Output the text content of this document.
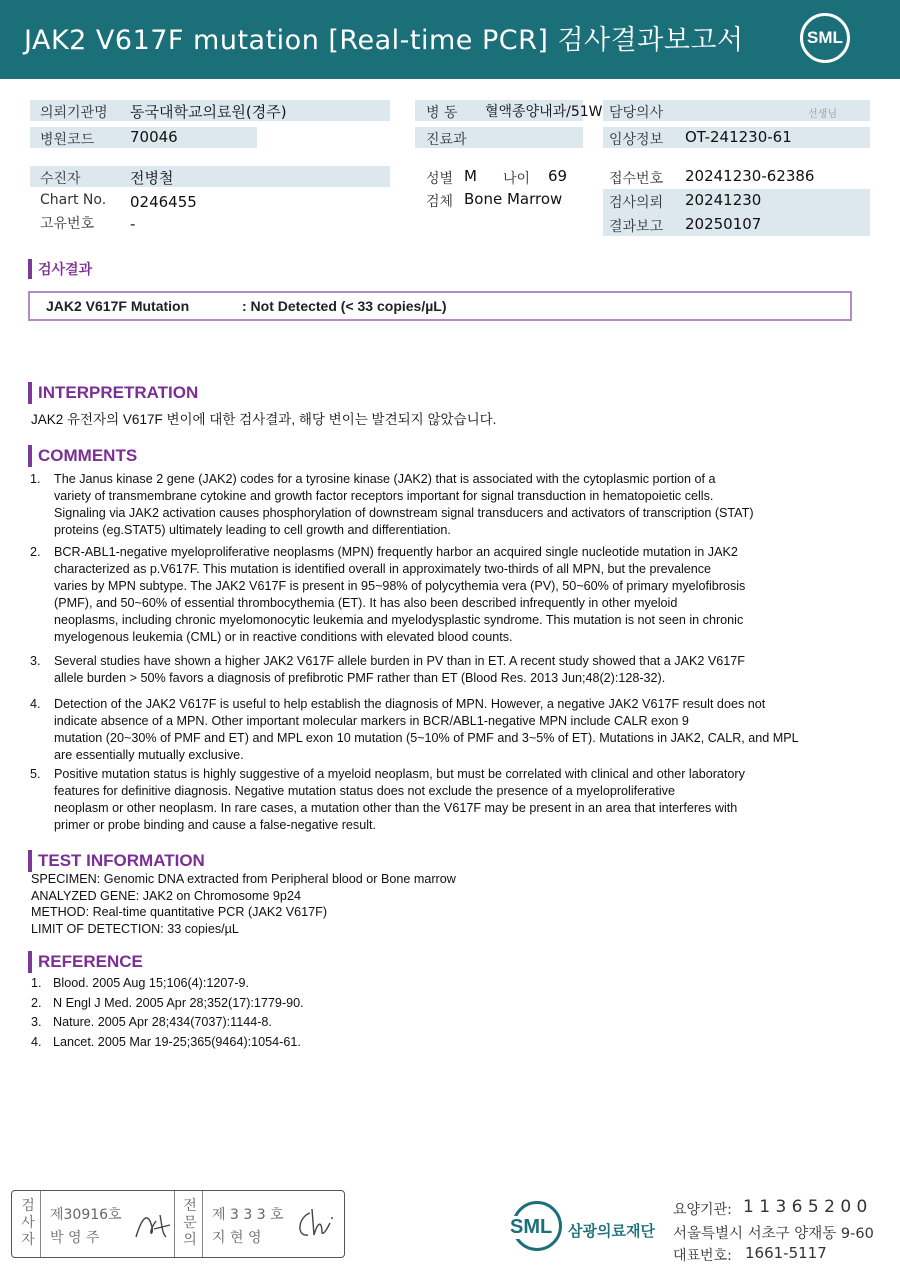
JAK2 V617F mutation [Real-time PCR] 검사결과보고서	SML
의뢰기관명 동국대학교의료원(경주)
병원코드 70046
병 동 혈액종양내과/51W 담당의사	선생님
진료과	임상정보 OT-241230-61
수진자	전병철
Chart No. 0246455
고유번호 -
성별 M 나이 69
검체 Bone Marrow
접수번호 20241230-62386
검사의뢰 20241230
결과보고 20250107
검사결과
JAK2 V617F Mutation	: Not Detected (< 33 copies/µL)
INTERPRETRATION
JAK2 유전자의 V617F 변이에 대한 검사결과, 해당 변이는 발견되지 않았습니다.
COMMENTS
1. The Janus kinase 2 gene (JAK2) codes for a tyrosine kinase (JAK2) that is associated with the cytoplasmic portion of a
variety of transmembrane cytokine and growth factor receptors important for signal transduction in hematopoietic cells.
Signaling via JAK2 activation causes phosphorylation of downstream signal transducers and activators of transcription (STAT)
proteins (eg.STAT5) ultimately leading to cell growth and differentiation.
2. BCR-ABL1-negative myeloproliferative neoplasms (MPN) frequently harbor an acquired single nucleotide mutation in JAK2
characterized as p.V617F. This mutation is identified overall in approximately two-thirds of all MPN, but the prevalence
varies by MPN subtype. The JAK2 V617F is present in 95~98% of polycythemia vera (PV), 50~60% of primary myelofibrosis
(PMF), and 50~60% of essential thrombocythemia (ET). It has also been described infrequently in other myeloid
neoplasms, including chronic myelomonocytic leukemia and myelodysplastic syndrome. This mutation is not seen in chronic
myelogenous leukemia (CML) or in reactive conditions with elevated blood counts.
3. Several studies have shown a higher JAK2 V617F allele burden in PV than in ET. A recent study showed that a JAK2 V617F
allele burden > 50% favors a diagnosis of prefibrotic PMF rather than ET (Blood Res. 2013 Jun;48(2):128-32).
4. Detection of the JAK2 V617F is useful to help establish the diagnosis of MPN. However, a negative JAK2 V617F result does not
indicate absence of a MPN. Other important molecular markers in BCR/ABL1-negative MPN include CALR exon 9
mutation (20~30% of PMF and ET) and MPL exon 10 mutation (5~10% of PMF and 3~5% of ET). Mutations in JAK2, CALR, and MPL
are essentially mutually exclusive.
5. Positive mutation status is highly suggestive of a myeloid neoplasm, but must be correlated with clinical and other laboratory
features for definitive diagnosis. Negative mutation status does not exclude the presence of a myeloproliferative
neoplasm or other neoplasm. In rare cases, a mutation other than the V617F may be present in an area that interferes with
primer or probe binding and cause a false-negative result.
TEST INFORMATION
SPECIMEN: Genomic DNA extracted from Peripheral blood or Bone marrow
ANALYZED GENE: JAK2 on Chromosome 9p24
METHOD: Real-time quantitative PCR (JAK2 V617F)
LIMIT OF DETECTION: 33 copies/µL
REFERENCE
1. Blood. 2005 Aug 15;106(4):1207-9.
2. N Engl J Med. 2005 Apr 28;352(17):1779-90.
3. Nature. 2005 Apr 28;434(7037):1144-8.
4. Lancet. 2005 Mar 19-25;365(9464):1054-61.
검
사
자
제30916호
박 영 주
전
문
의
제 3 3 3 호
지 현 영	SML 삼광의료재단
요양기관: 1 1 3 6 5 2 0 0
서울특별시 서초구 양재동 9-60
대표번호: 1661-5117
